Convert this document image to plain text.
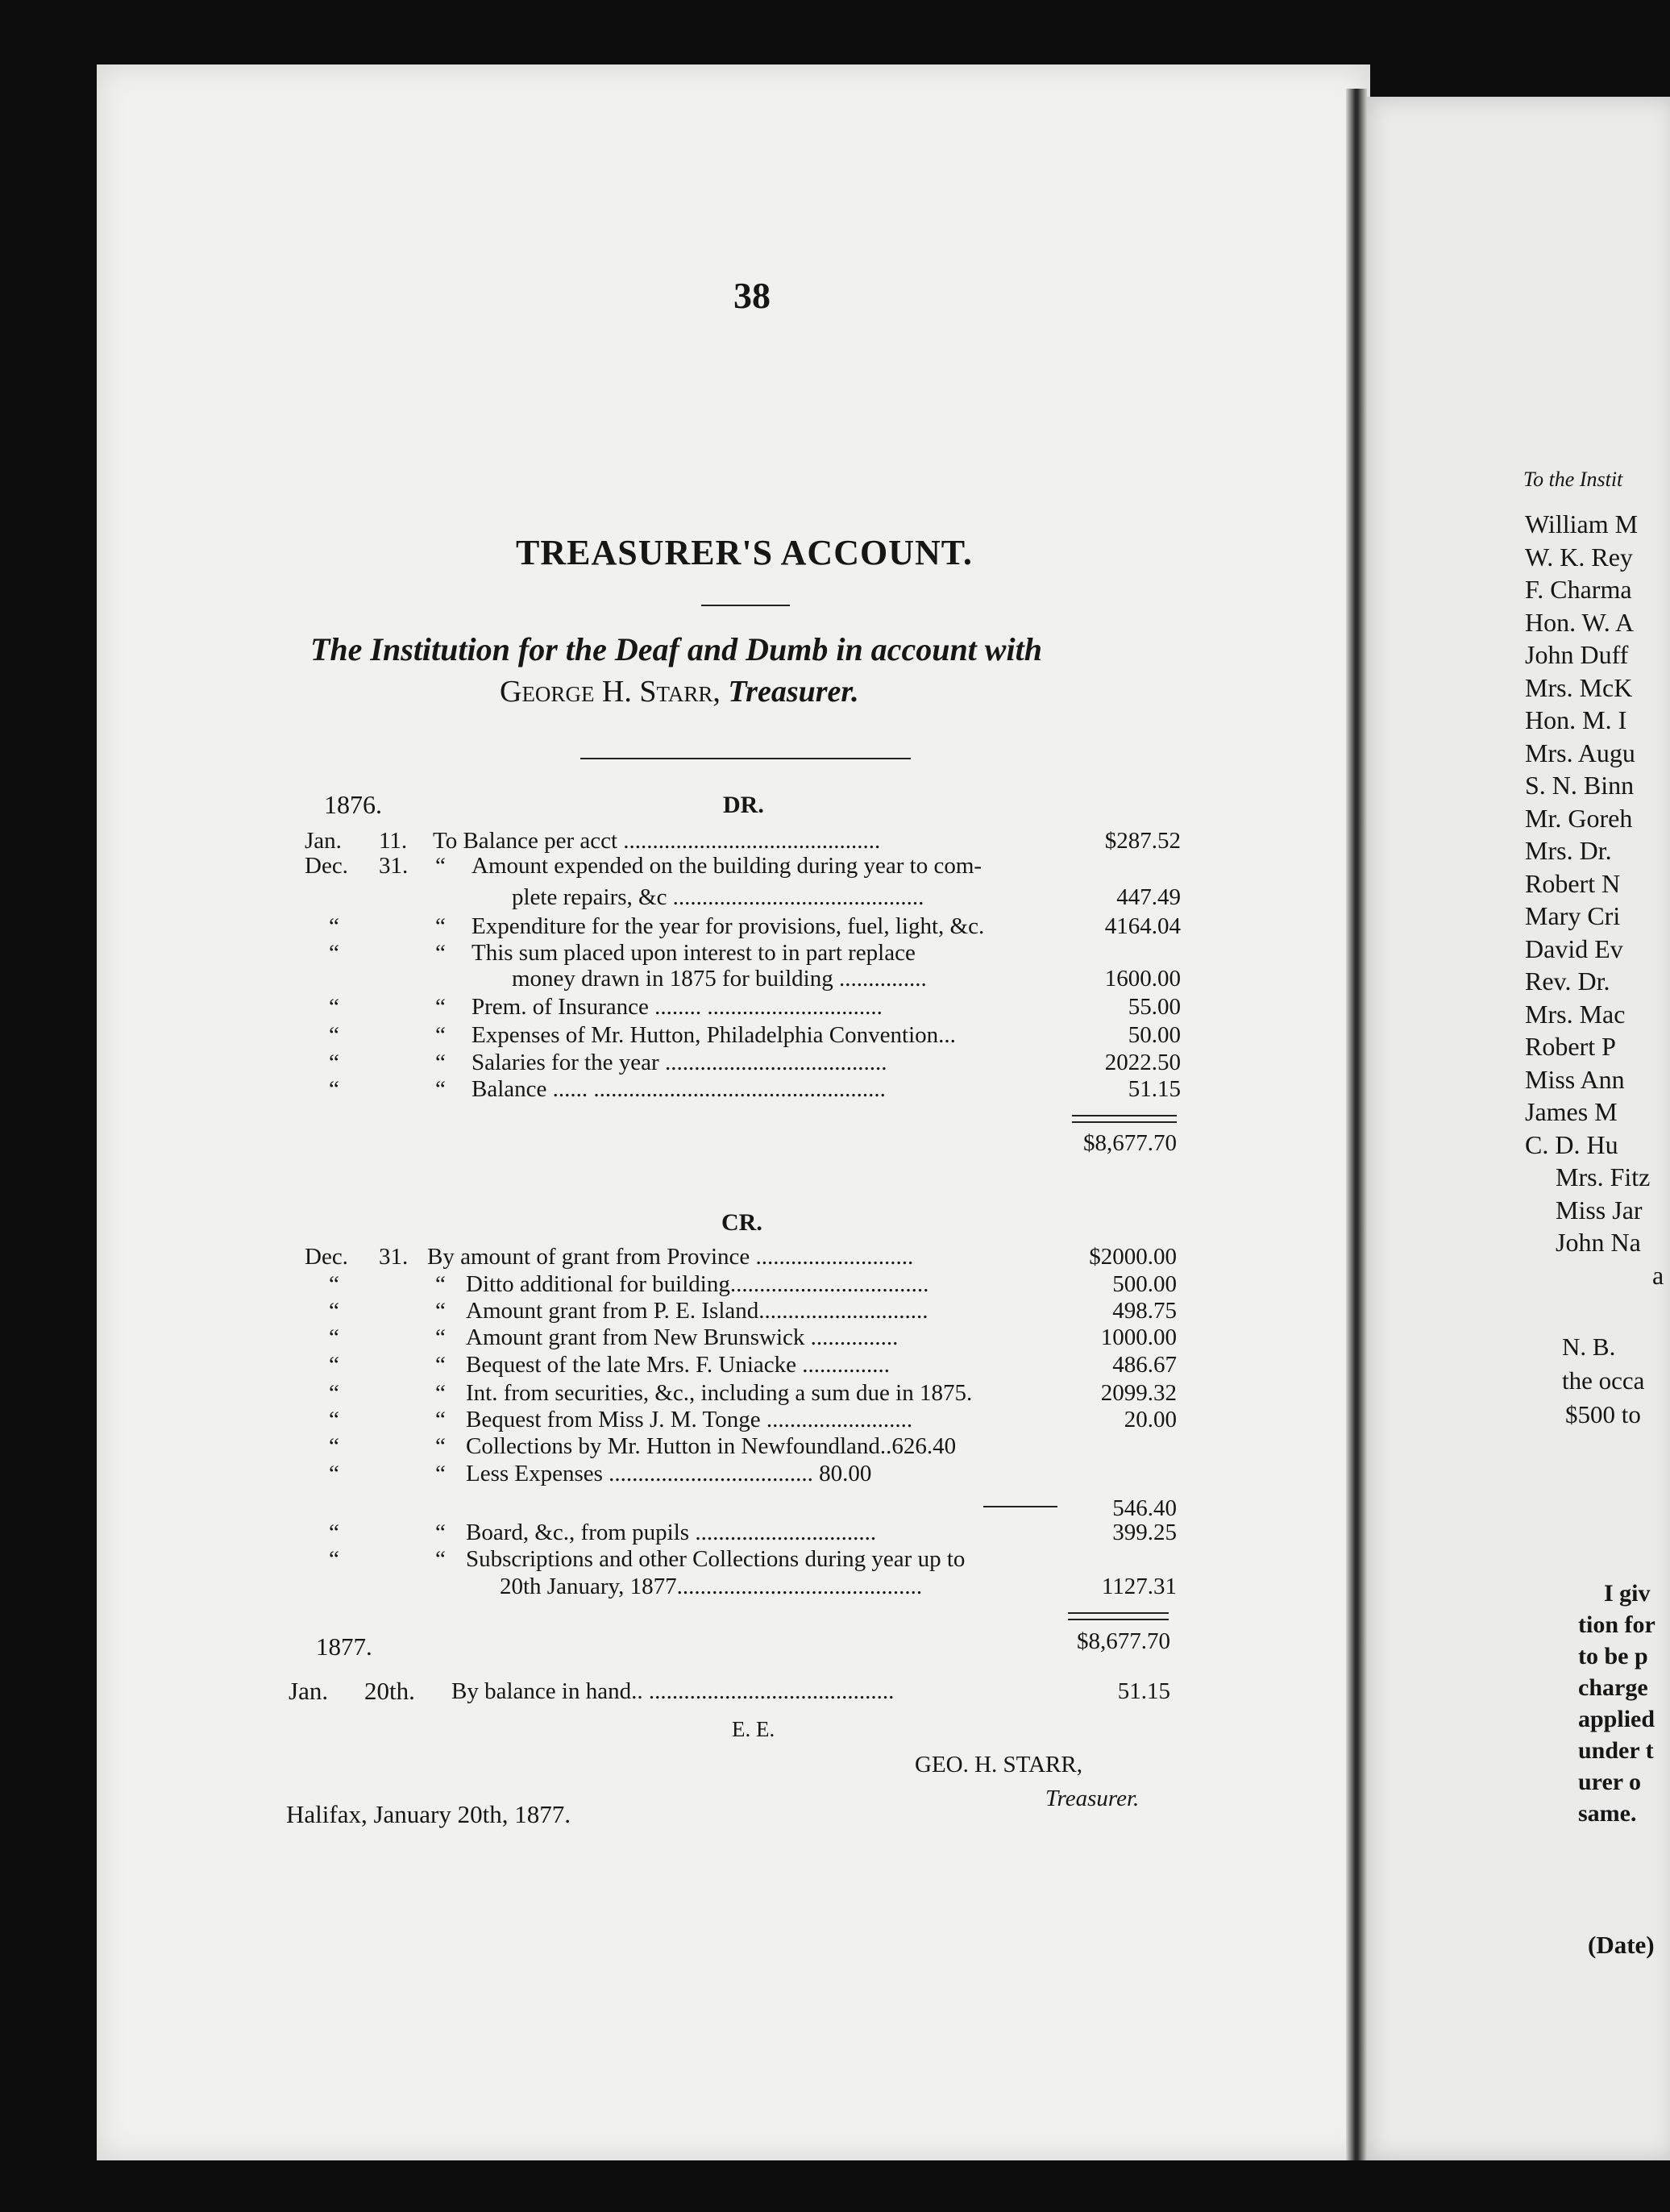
38
TREASURER'S ACCOUNT.
The Institution for the Deaf and Dumb in account with
George H. Starr, Treasurer.
1876.	DR.
Jan. 11. To Balance per acct ............................................	$287.52
Dec. 31. “ Amount expended on the building during year to com-
plete repairs, &c ...........................................	447.49
“	“ Expenditure for the year for provisions, fuel, light, &c.	4164.04
“	“ This sum placed upon interest to in part replace
money drawn in 1875 for building ...............	1600.00
“	“ Prem. of Insurance ........ ..............................	55.00
“	“ Expenses of Mr. Hutton, Philadelphia Convention...	50.00
“	“ Salaries for the year ......................................	2022.50
“	“ Balance ...... ..................................................	51.15
$8,677.70
CR.
Dec. 31. By amount of grant from Province ...........................	$2000.00
“	“ Ditto additional for building..................................	500.00
“	“ Amount grant from P. E. Island.............................	498.75
“	“ Amount grant from New Brunswick ...............	1000.00
“	“ Bequest of the late Mrs. F. Uniacke ...............	486.67
“	“ Int. from securities, &c., including a sum due in 1875.	2099.32
“	“ Bequest from Miss J. M. Tonge .........................	20.00
“	“ Collections by Mr. Hutton in Newfoundland..626.40
“	“ Less Expenses ................................... 80.00
546.40
“	“ Board, &c., from pupils ...............................	399.25
“	“ Subscriptions and other Collections during year up to
20th January, 1877..........................................	1127.31
$8,677.70
1877.
Jan. 20th. By balance in hand.. ..........................................	51.15
E. E.
GEO. H. STARR,
Treasurer.
Halifax, January 20th, 1877.
To the Instit
William M
W. K. Rey
F. Charma
Hon. W. A
John Duff
Mrs. McK
Hon. M. I
Mrs. Augu
S. N. Binn
Mr. Goreh
Mrs. Dr.
Robert N
Mary Cri
David Ev
Rev. Dr.
Mrs. Mac
Robert P
Miss Ann
James M
C. D. Hu
Mrs. Fitz
Miss Jar
John Na
a
N. B.
the occa
$500 to
I giv
tion for
to be p
charge
applied
under t
urer o
same.
(Date)
